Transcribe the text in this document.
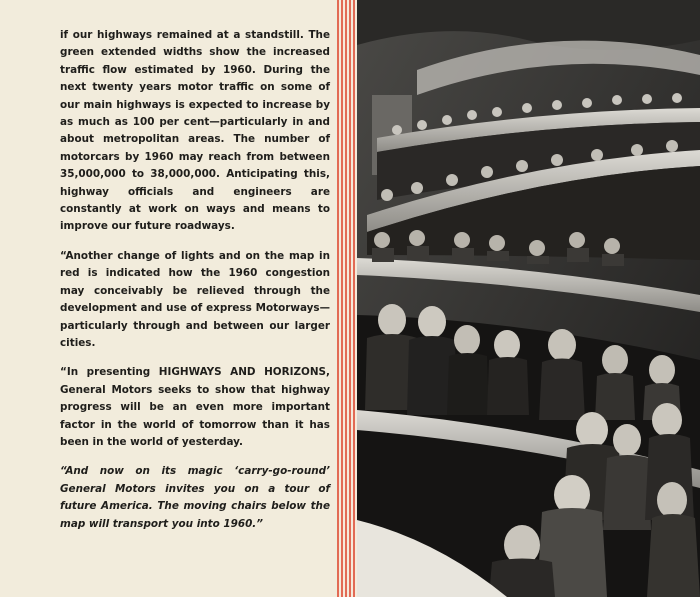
if our highways remained at a standstill. The green extended widths show the increased traffic flow estimated by 1960. During the next twenty years motor traffic on some of our main highways is expected to increase by as much as 100 per cent—particularly in and about metropolitan areas. The number of motorcars by 1960 may reach from between 35,000,000 to 38,000,000. Anticipating this, highway officials and engineers are constantly at work on ways and means to improve our future roadways.

“Another change of lights and on the map in red is indicated how the 1960 congestion may conceivably be relieved through the development and use of express Motorways—particularly through and between our larger cities.

“In presenting HIGHWAYS AND HORIZONS, General Motors seeks to show that highway progress will be an even more important factor in the world of tomorrow than it has been in the world of yesterday.

“And now on its magic ‘carry-go-round’ General Motors invites you on a tour of future America. The moving chairs below the map will transport you into 1960.”
